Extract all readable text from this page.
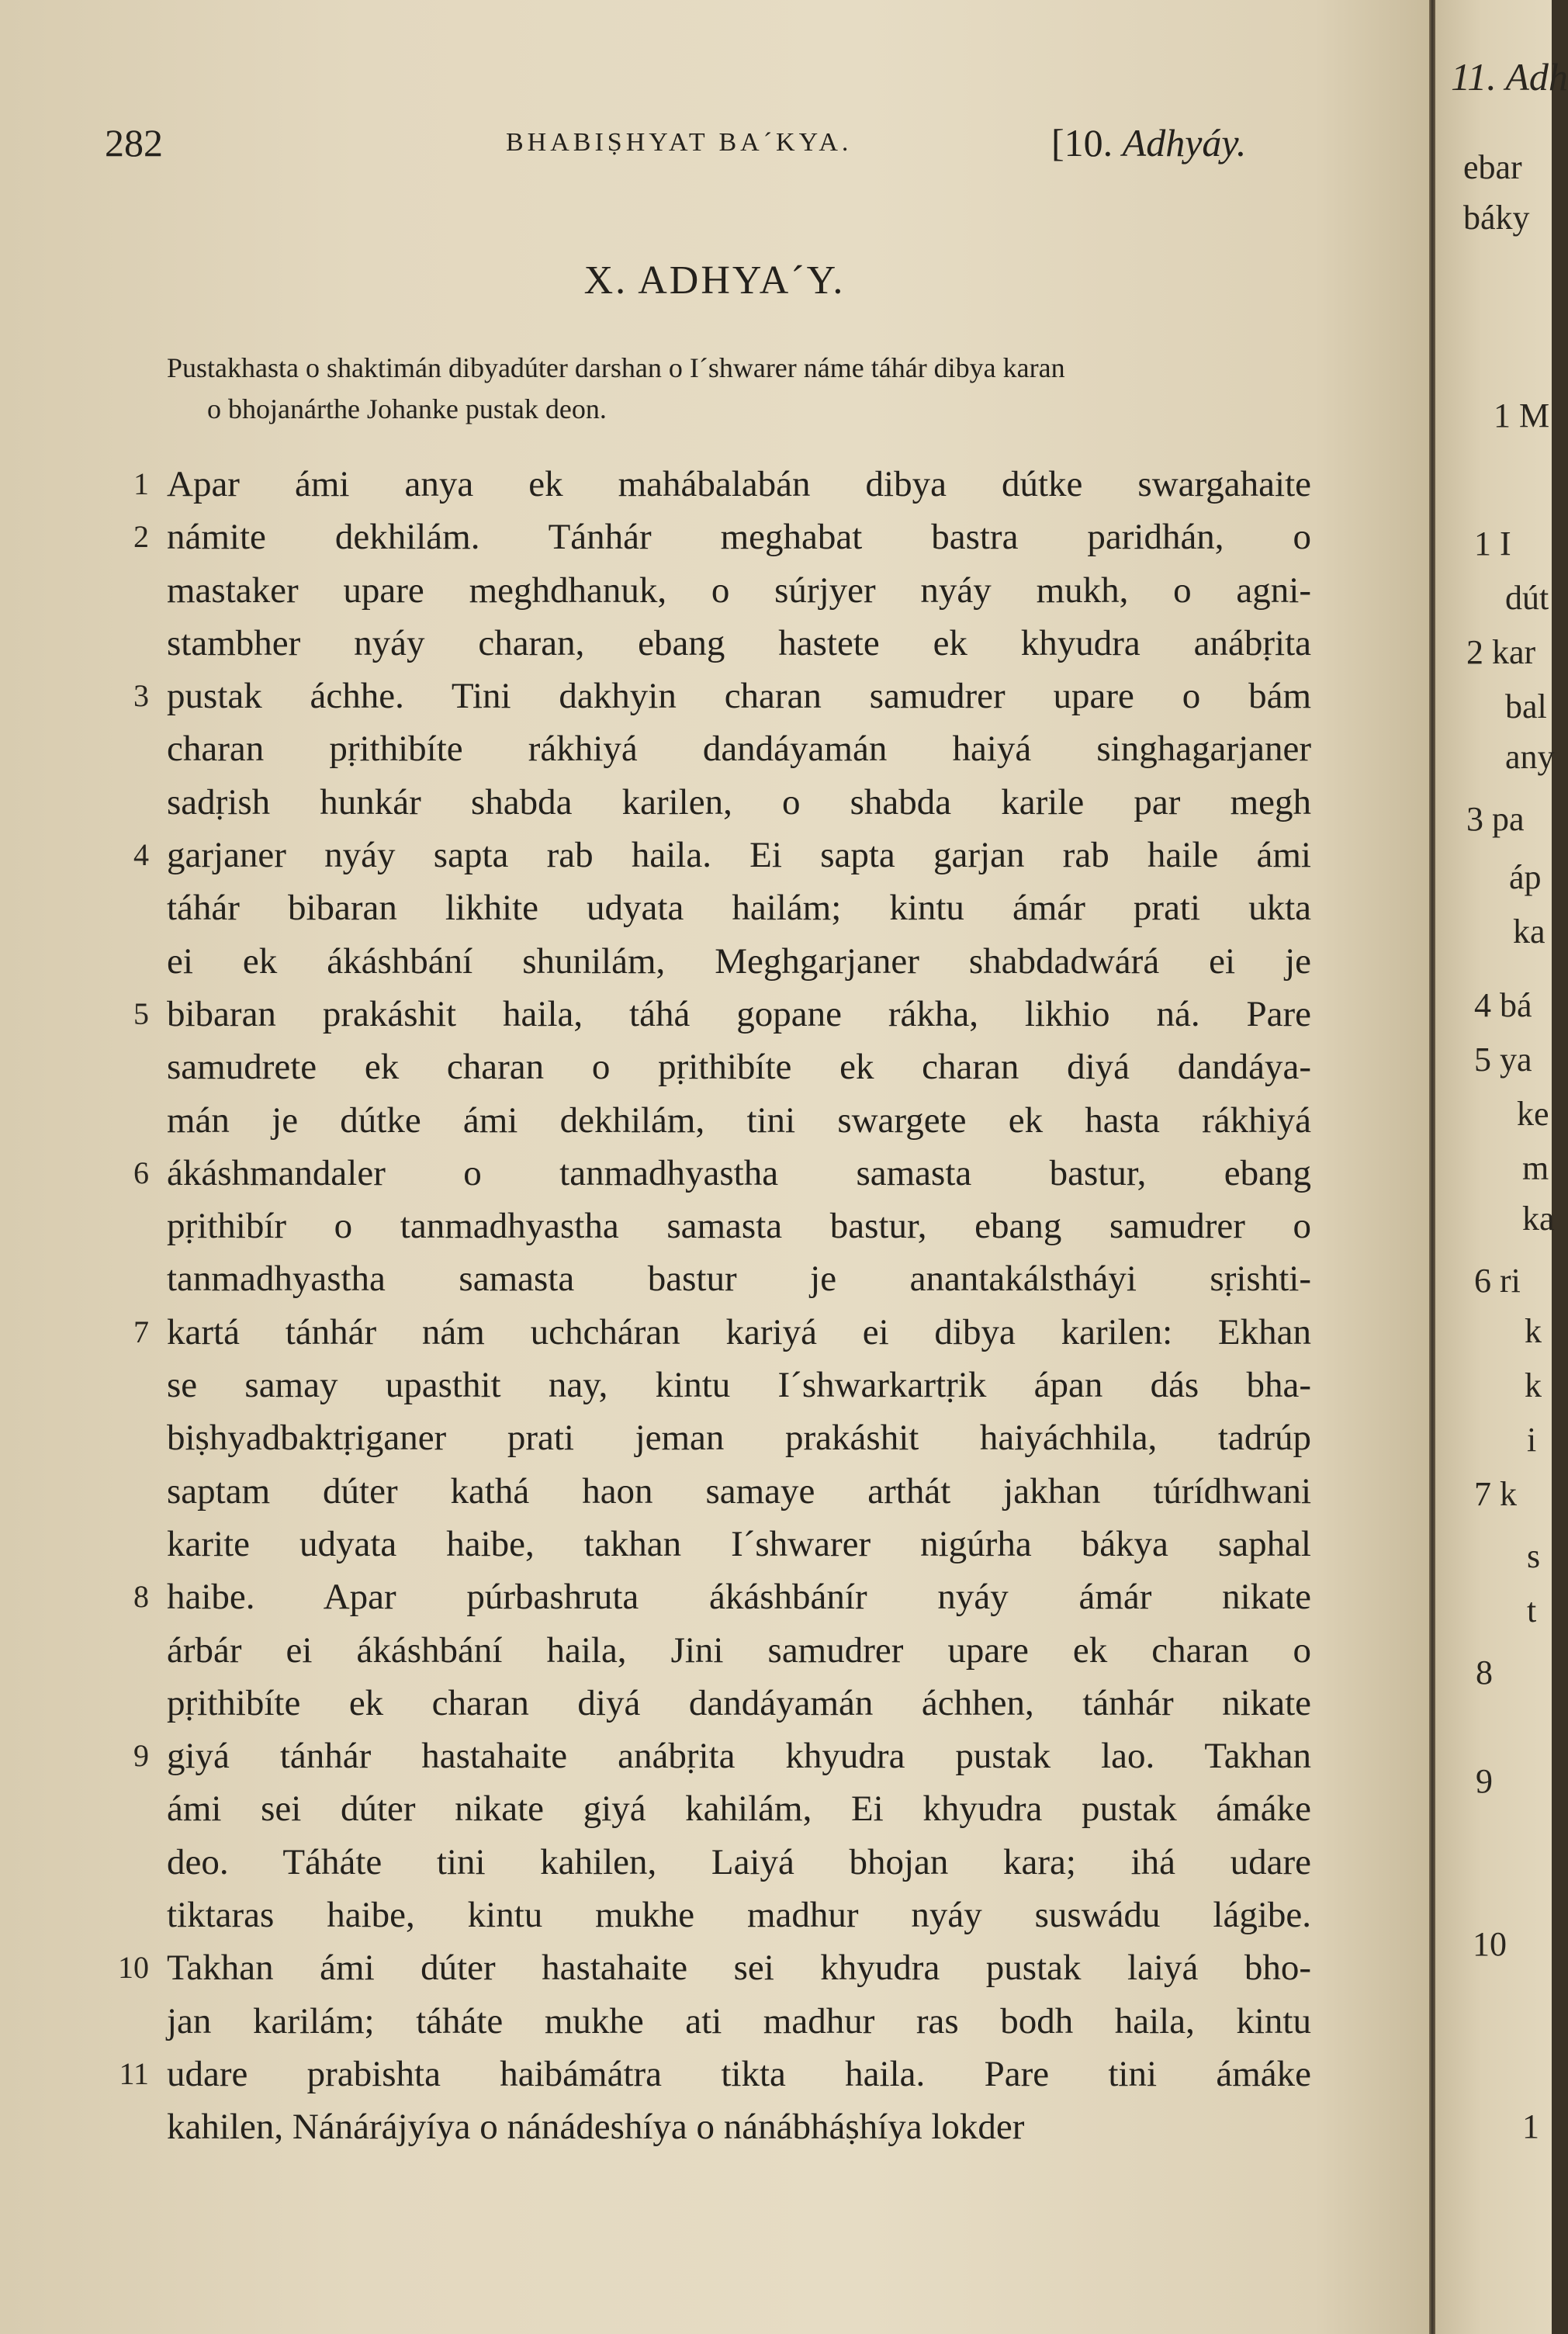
282	BHABIṢHYAT BA´KYA.	[10. Adhyáy.
X. ADHYA´Y.
Pustakhasta o shaktimán dibyadúter darshan o I´shwarer náme táhár dibya karan
o bhojanárthe Johanke pustak deon.
1 Apar ámi anya ek mahábalabán dibya dútke swargahaite
2 námite dekhilám. Tánhár meghabat bastra paridhán, o
mastaker upare meghdhanuk, o súrjyer nyáy mukh, o agni-
stambher nyáy charan, ebang hastete ek khyudra anábṛita
3 pustak áchhe. Tini dakhyin charan samudrer upare o bám
charan pṛithibíte rákhiyá dandáyamán haiyá singhagarjaner
sadṛish hunkár shabda karilen, o shabda karile par megh
4 garjaner nyáy sapta rab haila. Ei sapta garjan rab haile ámi
táhár bibaran likhite udyata hailám; kintu ámár prati ukta
ei ek ákáshbání shunilám, Meghgarjaner shabdadwárá ei je
5 bibaran prakáshit haila, táhá gopane rákha, likhio ná. Pare
samudrete ek charan o pṛithibíte ek charan diyá dandáya-
mán je dútke ámi dekhilám, tini swargete ek hasta rákhiyá
6 ákáshmandaler o tanmadhyastha samasta bastur, ebang
pṛithibír o tanmadhyastha samasta bastur, ebang samudrer o
tanmadhyastha samasta bastur je anantakálstháyi sṛishti-
7 kartá tánhár nám uchcháran kariyá ei dibya karilen: Ekhan
se samay upasthit nay, kintu I´shwarkartṛik ápan dás bha-
biṣhyadbaktṛiganer prati jeman prakáshit haiyáchhila, tadrúp
saptam dúter kathá haon samaye arthát jakhan túrídhwani
karite udyata haibe, takhan I´shwarer nigúrha bákya saphal
8 haibe. Apar púrbashruta ákáshbánír nyáy ámár nikate
árbár ei ákáshbání haila, Jini samudrer upare ek charan o
pṛithibíte ek charan diyá dandáyamán áchhen, tánhár nikate
9 giyá tánhár hastahaite anábṛita khyudra pustak lao. Takhan
ámi sei dúter nikate giyá kahilám, Ei khyudra pustak ámáke
deo. Táháte tini kahilen, Laiyá bhojan kara; ihá udare
tiktaras haibe, kintu mukhe madhur nyáy suswádu lágibe.
10 Takhan ámi dúter hastahaite sei khyudra pustak laiyá bho-
jan karilám; táháte mukhe ati madhur ras bodh haila, kintu
11 udare prabishta haibámátra tikta haila. Pare tini ámáke
kahilen, Nánárájyíya o nánádeshíya o nánábháṣhíya lokder
11. Adh
ebar
báky
1 M
1 I
dút
2 kar
bal
any
3 pa
áp
ka
4 bá
5 ya
ke
m
ka
6 ri
k
k
i
7 k
s
t
8
9
10
1
